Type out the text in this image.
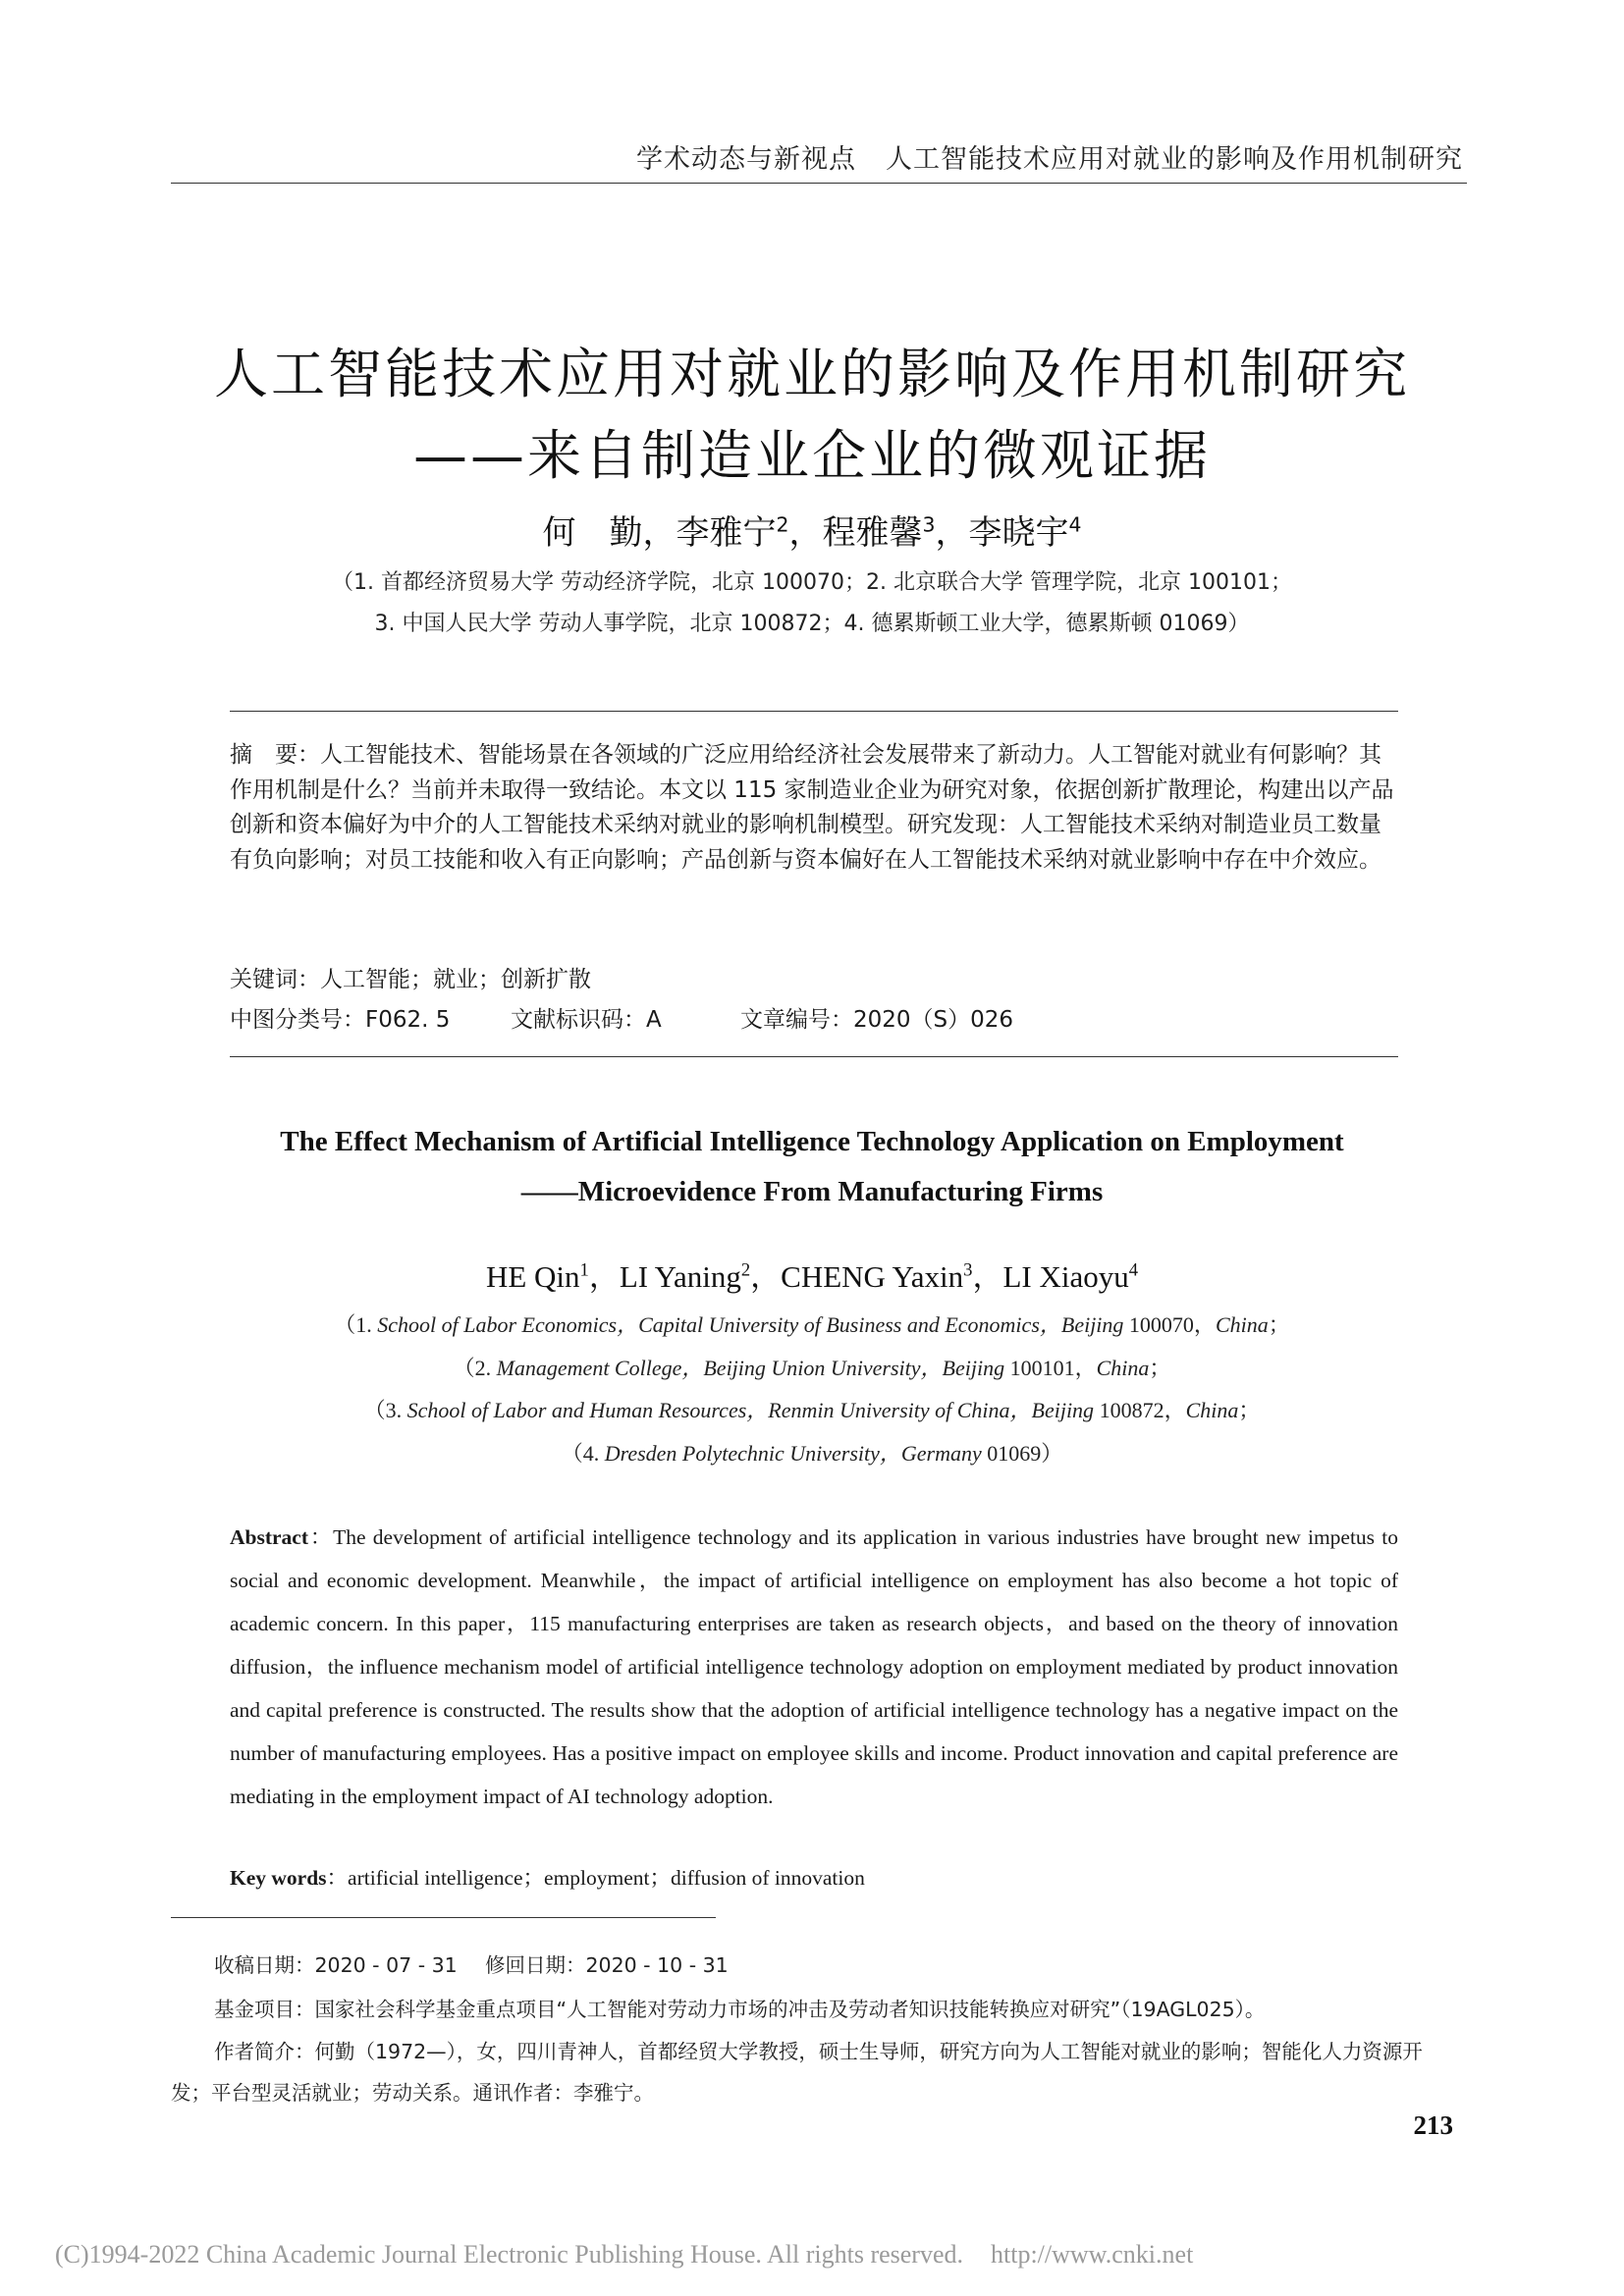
学术动态与新视点 人工智能技术应用对就业的影响及作用机制研究
人工智能技术应用对就业的影响及作用机制研究
——来自制造业企业的微观证据
何　勤，李雅宁$^2$，程雅馨$^3$，李晓宇$^4$
（1. 首都经济贸易大学 劳动经济学院，北京 100070；2. 北京联合大学 管理学院，北京 100101；
3. 中国人民大学 劳动人事学院，北京 100872；4. 德累斯顿工业大学，德累斯顿 01069）
摘　要：人工智能技术、智能场景在各领域的广泛应用给经济社会发展带来了新动力。人工智能对就业有何影响？其作用机制是什么？当前并未取得一致结论。本文以 115 家制造业企业为研究对象，依据创新扩散理论，构建出以产品创新和资本偏好为中介的人工智能技术采纳对就业的影响机制模型。研究发现：人工智能技术采纳对制造业员工数量有负向影响；对员工技能和收入有正向影响；产品创新与资本偏好在人工智能技术采纳对就业影响中存在中介效应。
关键词：人工智能；就业；创新扩散
中图分类号：F062. 5	文献标识码：A	文章编号：2020（S）026
The Effect Mechanism of Artificial Intelligence Technology Application on Employment
——Microevidence From Manufacturing Firms
HE Qin$^1$，LI Yaning$^2$，CHENG Yaxin$^3$，LI Xiaoyu$^4$
（1. School of Labor Economics，Capital University of Business and Economics，Beijing 100070，China；
（2. Management College，Beijing Union University，Beijing 100101，China；
（3. School of Labor and Human Resources，Renmin University of China，Beijing 100872，China；
（4. Dresden Polytechnic University，Germany 01069）
Abstract：The development of artificial intelligence technology and its application in various industries have brought new impetus to social and economic development. Meanwhile，the impact of artificial intelligence on employment has also become a hot topic of academic concern. In this paper，115 manufacturing enterprises are taken as research objects，and based on the theory of innovation diffusion，the influence mechanism model of artificial intelligence technology adoption on employment mediated by product innovation and capital preference is constructed. The results show that the adoption of artificial intelligence technology has a negative impact on the number of manufacturing employees. Has a positive impact on employee skills and income. Product innovation and capital preference are mediating in the employment impact of AI technology adoption.
Key words：artificial intelligence；employment；diffusion of innovation
收稿日期：2020 - 07 - 31 修回日期：2020 - 10 - 31
基金项目：国家社会科学基金重点项目“人工智能对劳动力市场的冲击及劳动者知识技能转换应对研究”（19AGL025）。
作者简介：何勤（1972—），女，四川青神人，首都经贸大学教授，硕士生导师，研究方向为人工智能对就业的影响；智能化人力资源开
发；平台型灵活就业；劳动关系。通讯作者：李雅宁。
213
(C)1994-2022 China Academic Journal Electronic Publishing House. All rights reserved. http://www.cnki.net
